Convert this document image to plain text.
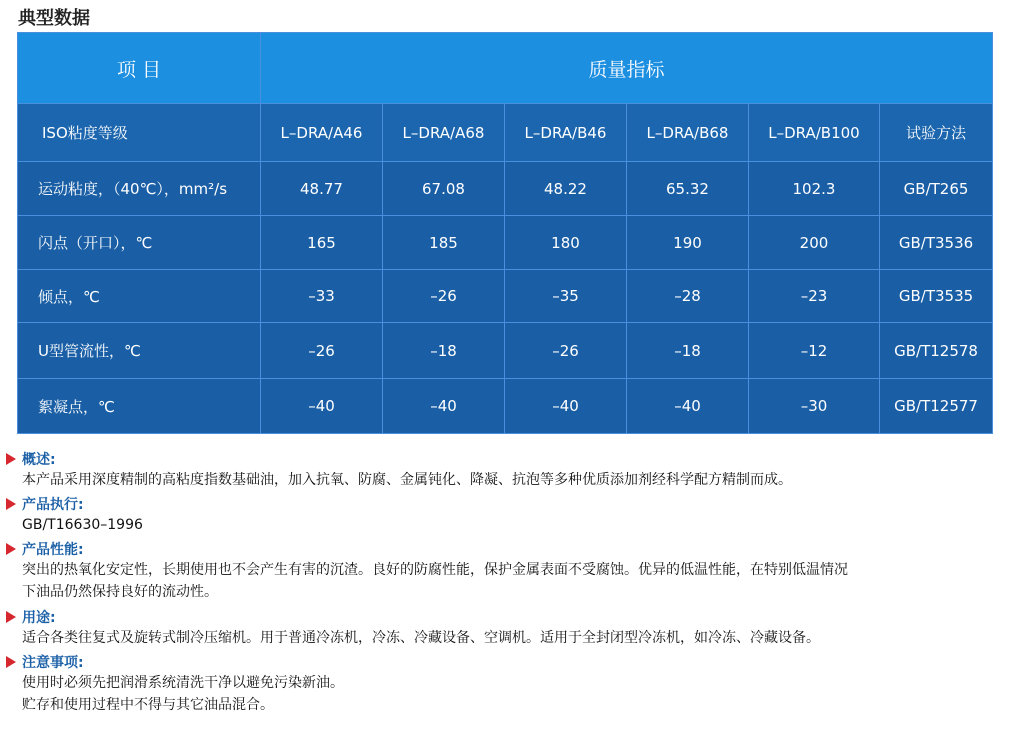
典型数据
项 目	质量指标					
ISO粘度等级	L–DRA/A46	L–DRA/A68	L–DRA/B46	L–DRA/B68	L–DRA/B100	试验方法
运动粘度，（40℃），mm²/s	48.77	67.08	48.22	65.32	102.3	GB/T265
闪点（开口），℃	165	185	180	190	200	GB/T3536
倾点，℃	–33	–26	–35	–28	–23	GB/T3535
U型管流性，℃	–26	–18	–26	–18	–12	GB/T12578
絮凝点，℃	–40	–40	–40	–40	–30	GB/T12577
概述:
本产品采用深度精制的高粘度指数基础油，加入抗氧、防腐、金属钝化、降凝、抗泡等多种优质添加剂经科学配方精制而成。
产品执行:
GB/T16630–1996
产品性能:
突出的热氧化安定性，长期使用也不会产生有害的沉渣。良好的防腐性能，保护金属表面不受腐蚀。优异的低温性能，在特别低温情况
下油品仍然保持良好的流动性。
用途:
适合各类往复式及旋转式制冷压缩机。用于普通冷冻机，冷冻、冷藏设备、空调机。适用于全封闭型冷冻机，如冷冻、冷藏设备。
注意事项:
使用时必须先把润滑系统清洗干净以避免污染新油。
贮存和使用过程中不得与其它油品混合。
